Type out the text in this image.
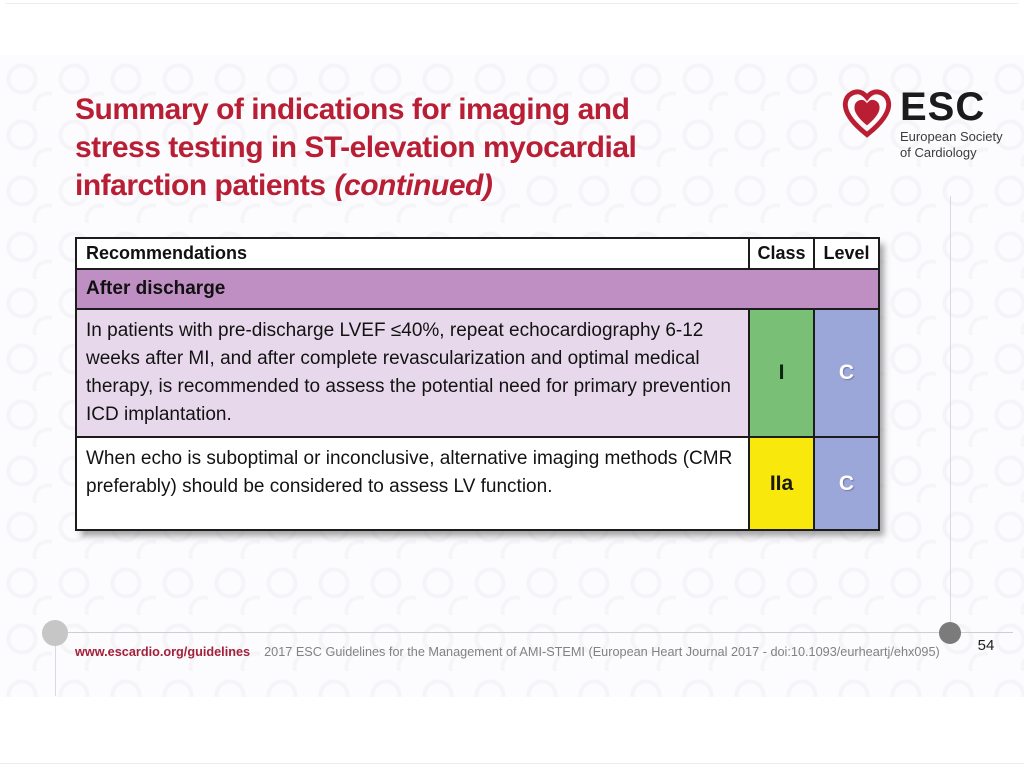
Summary of indications for imaging and
stress testing in ST-elevation myocardial
infarction patients (continued)
ESC
European Society
of Cardiology
Recommendations	Class	Level
After discharge		
In patients with pre-discharge LVEF ≤40%, repeat echocardiography 6-12 weeks after MI, and after complete revascularization and optimal medical therapy, is recommended to assess the potential need for primary prevention ICD implantation.	I	C
When echo is suboptimal or inconclusive, alternative imaging methods (CMR preferably) should be considered to assess LV function.	IIa	C
54
www.escardio.org/guidelines 2017 ESC Guidelines for the Management of AMI-STEMI (European Heart Journal 2017 - doi:10.1093/eurheartj/ehx095)
